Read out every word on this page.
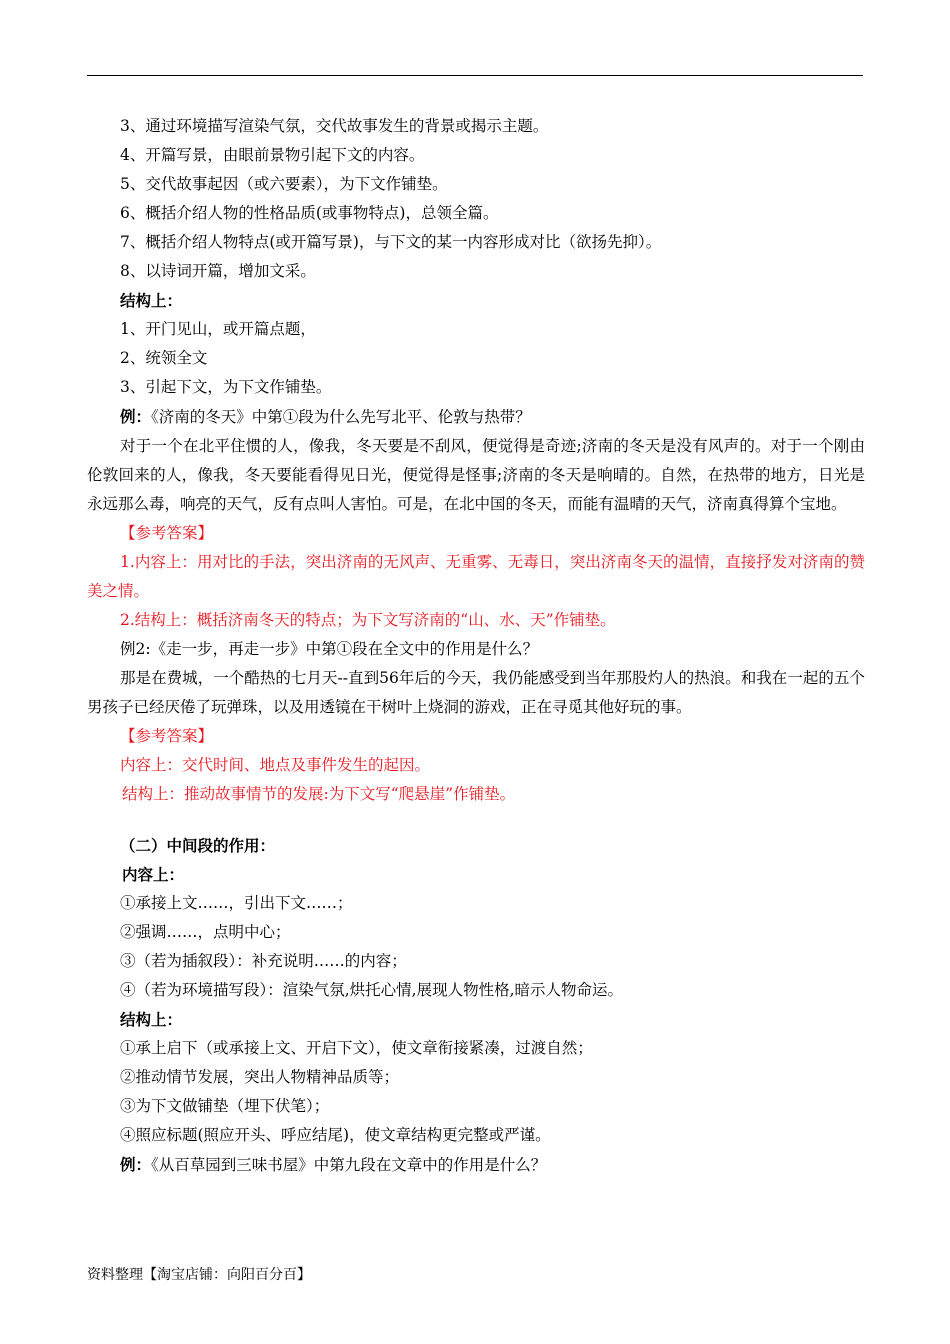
3、通过环境描写渲染气氛，交代故事发生的背景或揭示主题。

4、开篇写景，由眼前景物引起下文的内容。

5、交代故事起因（或六要素），为下文作铺垫。

6、概括介绍人物的性格品质(或事物特点)，总领全篇。

7、概括介绍人物特点(或开篇写景)，与下文的某一内容形成对比（欲扬先抑）。

8、以诗词开篇，增加文采。

结构上：

1、开门见山，或开篇点题，

2、统领全文

3、引起下文，为下文作铺垫。

例：《济南的冬天》中第①段为什么先写北平、伦敦与热带？

对于一个在北平住惯的人，像我，冬天要是不刮风，便觉得是奇迹;济南的冬天是没有风声的。对于一个刚由伦敦回来的人，像我，冬天要能看得见日光，便觉得是怪事;济南的冬天是响晴的。自然，在热带的地方，日光是永远那么毒，响亮的天气，反有点叫人害怕。可是，在北中国的冬天，而能有温晴的天气，济南真得算个宝地。

【参考答案】

1.内容上：用对比的手法，突出济南的无风声、无重雾、无毒日，突出济南冬天的温情，直接抒发对济南的赞美之情。

2.结构上：概括济南冬天的特点；为下文写济南的“山、水、天”作铺垫。

例2:《走一步，再走一步》中第①段在全文中的作用是什么？

那是在费城，一个酷热的七月天--直到56年后的今天，我仍能感受到当年那股灼人的热浪。和我在一起的五个男孩子已经厌倦了玩弹珠，以及用透镜在干树叶上烧洞的游戏，正在寻觅其他好玩的事。

【参考答案】

内容上：交代时间、地点及事件发生的起因。

结构上：推动故事情节的发展:为下文写“爬悬崖”作铺垫。

（二）中间段的作用：

内容上：

①承接上文……，引出下文……；

②强调……，点明中心；

③（若为插叙段）：补充说明……的内容；

④（若为环境描写段）：渲染气氛,烘托心情,展现人物性格,暗示人物命运。

结构上：

①承上启下（或承接上文、开启下文），使文章衔接紧凑，过渡自然；

②推动情节发展，突出人物精神品质等；

③为下文做铺垫（埋下伏笔）；

④照应标题(照应开头、呼应结尾)，使文章结构更完整或严谨。

例：《从百草园到三味书屋》中第九段在文章中的作用是什么？

资料整理【淘宝店铺：向阳百分百】
